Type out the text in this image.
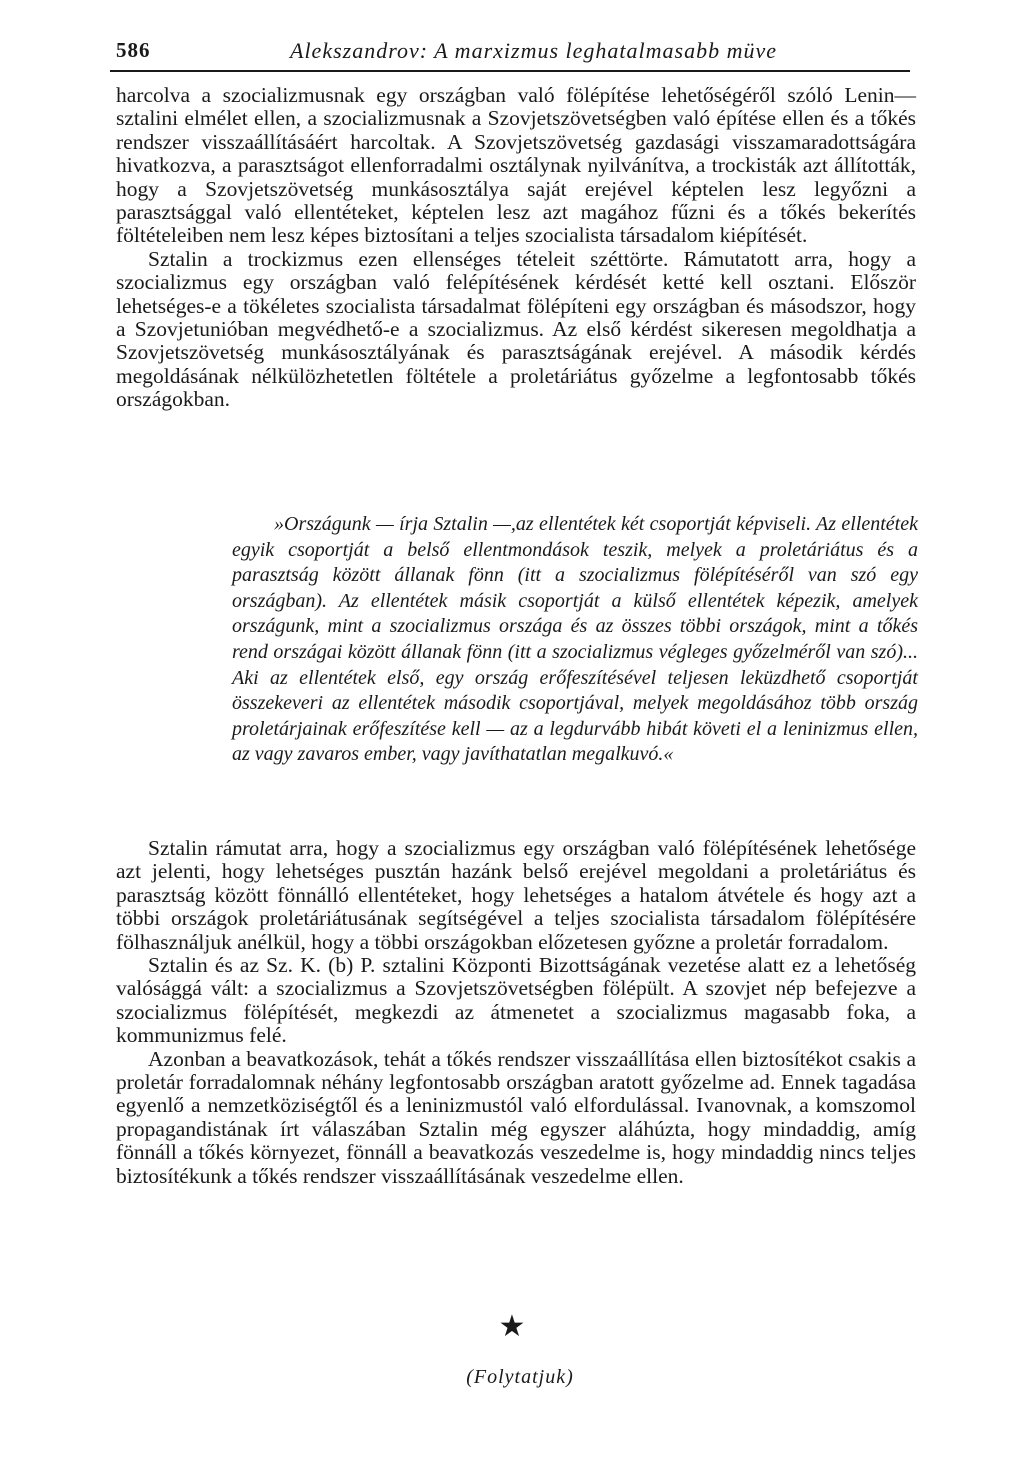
586	Alekszandrov: A marxizmus leghatalmasabb müve

harcolva a szocializmusnak egy országban való fölépítése lehetőségéről szóló Lenin—sztalini elmélet ellen, a szocializmusnak a Szovjetszövetségben való építése ellen és a tőkés rendszer visszaállításáért harcoltak. A Szovjetszövetség gazdasági visszamaradottságára hivatkozva, a parasztságot ellenforradalmi osztálynak nyilvánítva, a trockisták azt állították, hogy a Szovjetszövetség munkásosztálya saját erejével képtelen lesz legyőzni a parasztsággal való ellentéteket, képtelen lesz azt magához fűzni és a tőkés bekerítés föltételeiben nem lesz képes biztosítani a teljes szocialista társadalom kiépítését.

Sztalin a trockizmus ezen ellenséges tételeit széttörte. Rámutatott arra, hogy a szocializmus egy országban való felépítésének kérdését ketté kell osztani. Először lehetséges-e a tökéletes szocialista társadalmat fölépíteni egy országban és másodszor, hogy a Szovjetunióban megvédhető-e a szocializmus. Az első kérdést sikeresen megoldhatja a Szovjetszövetség munkásosztályának és parasztságának erejével. A második kérdés megoldásának nélkülözhetetlen föltétele a proletáriátus győzelme a legfontosabb tőkés országokban.

»Országunk — írja Sztalin —,az ellentétek két csoportját képviseli. Az ellentétek egyik csoportját a belső ellentmondások teszik, melyek a proletáriátus és a parasztság között állanak fönn (itt a szocializmus fölépítéséről van szó egy országban). Az ellentétek másik csoportját a külső ellentétek képezik, amelyek országunk, mint a szocializmus országa és az összes többi országok, mint a tőkés rend országai között állanak fönn (itt a szocializmus végleges győzelméről van szó)... Aki az ellentétek első, egy ország erőfeszítésével teljesen leküzdhető csoportját összekeveri az ellentétek második csoportjával, melyek megoldásához több ország proletárjainak erőfeszítése kell — az a legdurvább hibát követi el a leninizmus ellen, az vagy zavaros ember, vagy javíthatatlan megalkuvó.«

Sztalin rámutat arra, hogy a szocializmus egy országban való fölépítésének lehetősége azt jelenti, hogy lehetséges pusztán hazánk belső erejével megoldani a proletáriátus és parasztság között fönnálló ellentéteket, hogy lehetséges a hatalom átvétele és hogy azt a többi országok proletáriátusának segítségével a teljes szocialista társadalom fölépítésére fölhasználjuk anélkül, hogy a többi országokban előzetesen győzne a proletár forradalom.

Sztalin és az Sz. K. (b) P. sztalini Központi Bizottságának vezetése alatt ez a lehetőség valósággá vált: a szocializmus a Szovjetszövetségben fölépült. A szovjet nép befejezve a szocializmus fölépítését, megkezdi az átmenetet a szocializmus magasabb foka, a kommunizmus felé.

Azonban a beavatkozások, tehát a tőkés rendszer visszaállítása ellen biztosítékot csakis a proletár forradalomnak néhány legfontosabb országban aratott győzelme ad. Ennek tagadása egyenlő a nemzetköziségtől és a leninizmustól való elfordulással. Ivanovnak, a komszomol propagandistának írt válaszában Sztalin még egyszer aláhúzta, hogy mindaddig, amíg fönnáll a tőkés környezet, fönnáll a beavatkozás veszedelme is, hogy mindaddig nincs teljes biztosítékunk a tőkés rendszer visszaállításának veszedelme ellen.

★
(Folytatjuk)
